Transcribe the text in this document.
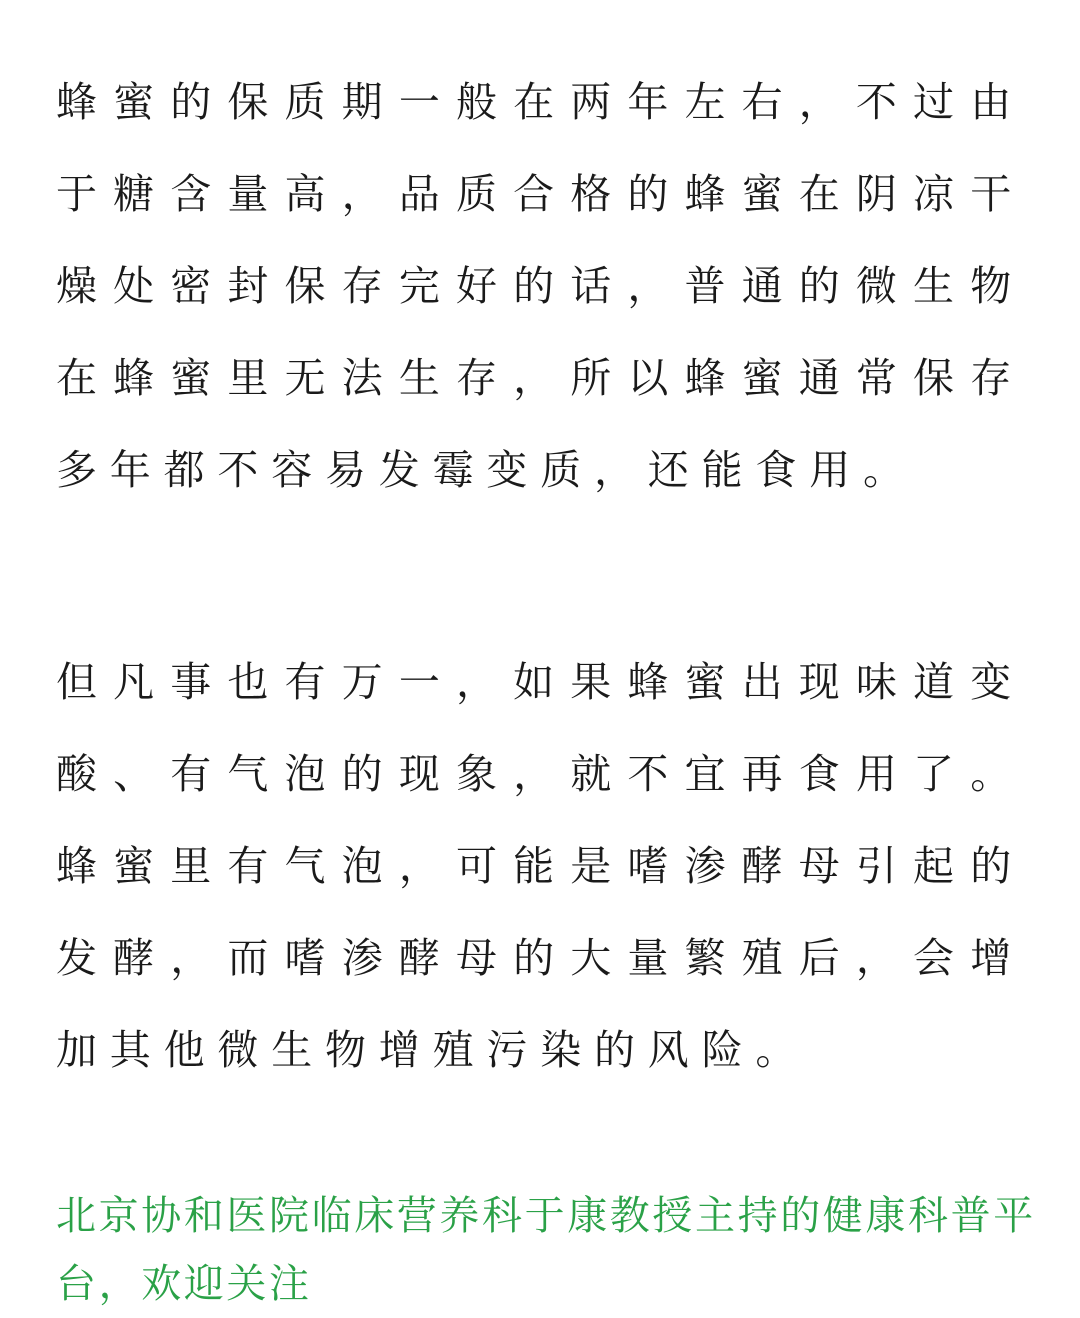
蜂蜜的保质期一般在两年左右，不过由于糖含量高，品质合格的蜂蜜在阴凉干燥处密封保存完好的话，普通的微生物在蜂蜜里无法生存，所以蜂蜜通常保存多年都不容易发霉变质，还能食用。

但凡事也有万一，如果蜂蜜出现味道变酸、有气泡的现象，就不宜再食用了。蜂蜜里有气泡，可能是嗜渗酵母引起的发酵，而嗜渗酵母的大量繁殖后，会增加其他微生物增殖污染的风险。

北京协和医院临床营养科于康教授主持的健康科普平台，欢迎关注
